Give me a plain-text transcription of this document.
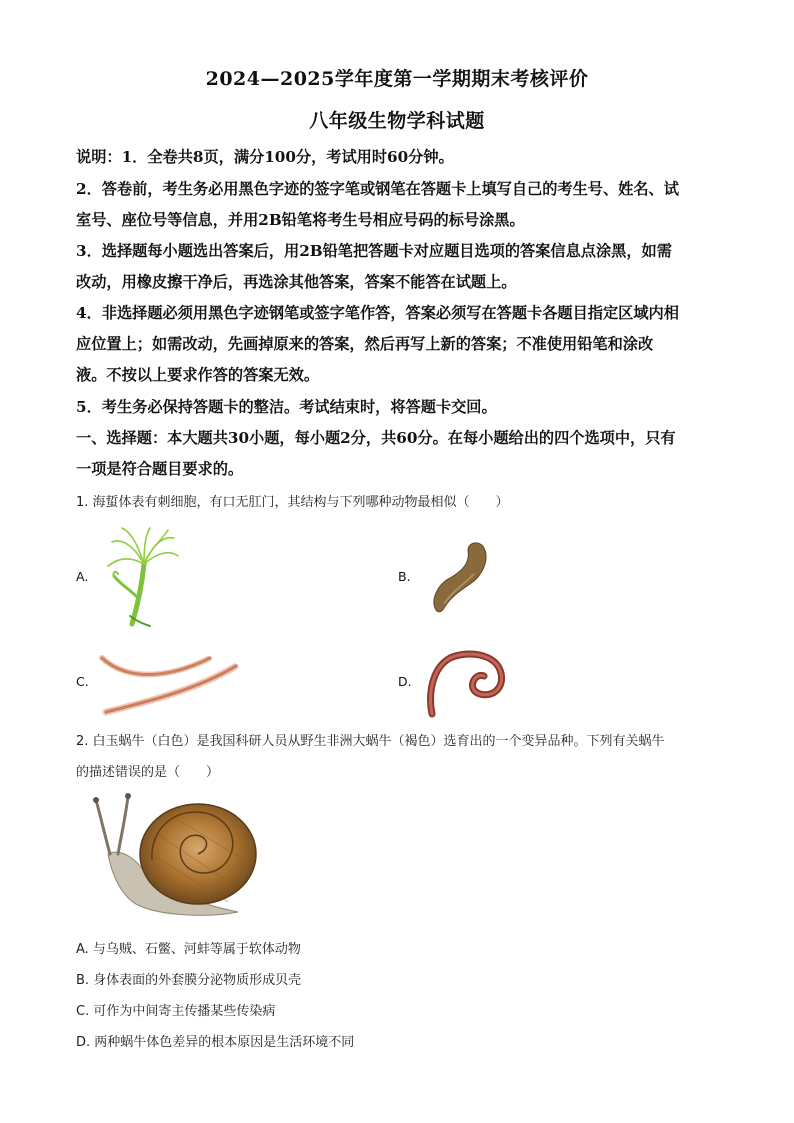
2024—2025学年度第一学期期末考核评价
八年级生物学科试题
说明：1．全卷共8页，满分100分，考试用时60分钟。
2．答卷前，考生务必用黑色字迹的签字笔或钢笔在答题卡上填写自己的考生号、姓名、试
室号、座位号等信息，并用2B铅笔将考生号相应号码的标号涂黑。
3．选择题每小题选出答案后，用2B铅笔把答题卡对应题目选项的答案信息点涂黑，如需
改动，用橡皮擦干净后，再选涂其他答案，答案不能答在试题上。
4．非选择题必须用黑色字迹钢笔或签字笔作答，答案必须写在答题卡各题目指定区域内相
应位置上；如需改动，先画掉原来的答案，然后再写上新的答案；不准使用铅笔和涂改
液。不按以上要求作答的答案无效。
5．考生务必保持答题卡的整洁。考试结束时，将答题卡交回。
一、选择题：本大题共30小题，每小题2分，共60分。在每小题给出的四个选项中，只有
一项是符合题目要求的。
1. 海蜇体表有刺细胞，有口无肛门，其结构与下列哪种动物最相似（　　）
A.	B.
C.	D.
2. 白玉蜗牛（白色）是我国科研人员从野生非洲大蜗牛（褐色）选育出的一个变异品种。下列有关蜗牛
的描述错误的是（　　）
A. 与乌贼、石鳖、河蚌等属于软体动物
B. 身体表面的外套膜分泌物质形成贝壳
C. 可作为中间寄主传播某些传染病
D. 两种蜗牛体色差异的根本原因是生活环境不同
